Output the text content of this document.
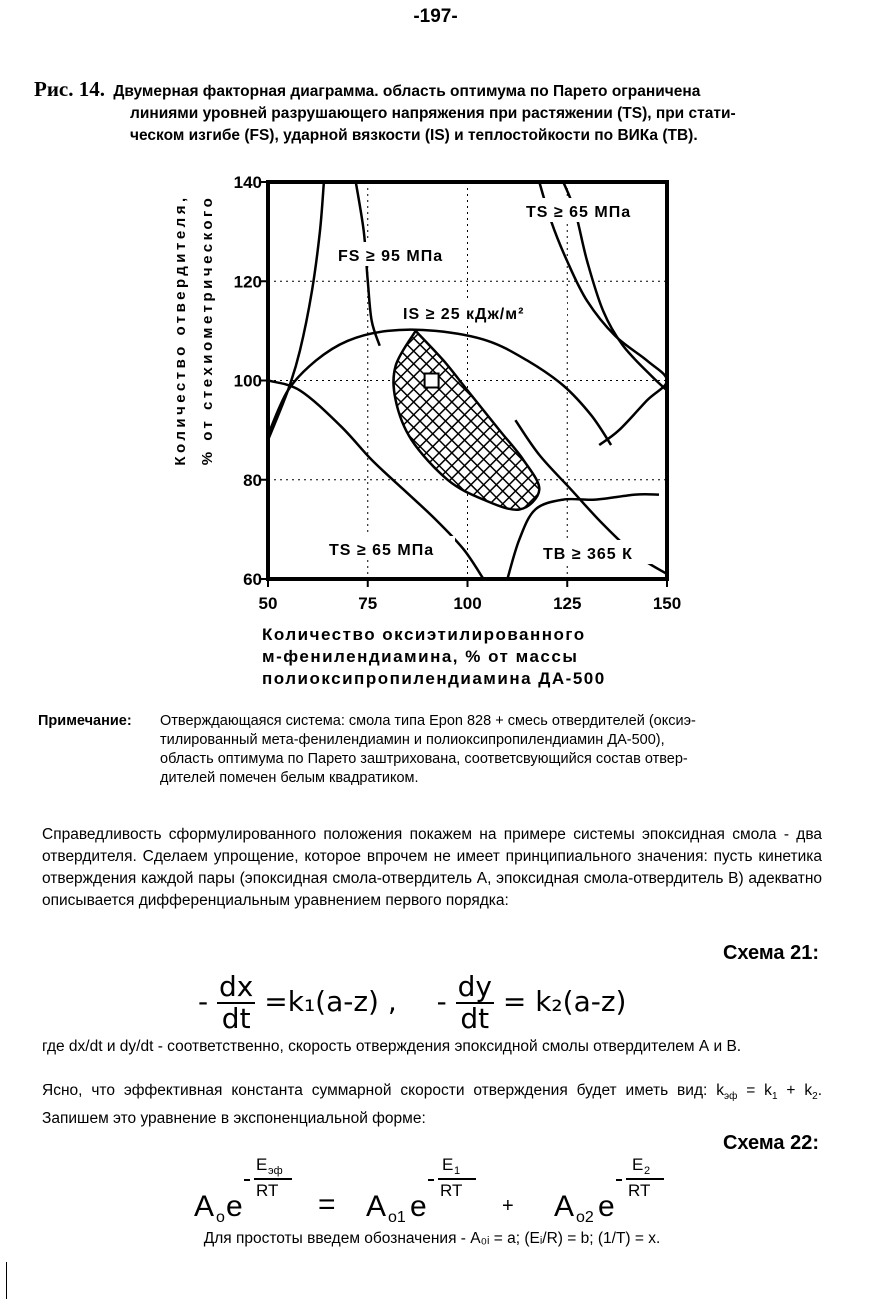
-197-
Рис. 14. Двумерная факторная диаграмма. область оптимума по Парето ограничена
линиями уровней разрушающего напряжения при растяжении (TS), при стати-
ческом изгибе (FS), ударной вязкости (IS) и теплостойкости по ВИКа (ТВ).
Количество отвердителя, % от стехиометрического
50	75	100	125	150
60
80
100
120
140
TS ≥ 65 МПа
FS ≥ 95 МПа
IS ≥ 25 кДж/м²
TS ≥ 65 МПа	TB ≥ 365 К
Количество оксиэтилированного
м-фенилендиамина, % от массы
полиоксипропилендиамина ДА-500
Примечание:	Отверждающаяся система: смола типа Epon 828 + смесь отвердителей (оксиэ-
тилированный мета-фенилендиамин и полиоксипропилендиамин ДА-500),
область оптимума по Парето заштрихована, соответсвующийся состав отвер-
дителей помечен белым квадратиком.
Справедливость сформулированного положения покажем на примере системы эпоксидная смола - два отвердителя. Сделаем упрощение, которое впрочем не имеет принципиального значения: пусть кинетика отверждения каждой пары (эпоксидная смола-отвердитель А, эпоксидная смола-отвердитель В) адекватно описывается дифференциальным уравнением первого порядка:
Схема 21:
- $\frac{dx}{dt} =k_1(a-z)$ , - $\frac{dy}{dt} = k_2(a-z)$
где dx/dt и dy/dt - соответственно, скорость отверждения эпоксидной смолы отвердителем А и В.
Ясно, что эффективная константа суммарной скорости отверждения будет иметь вид: $k_{эф} = k_1 + k_2$. Запишем это уравнение в экспоненциальной форме:
Схема 22:
A o e
E эф
RT = A o1 e
E 1
RT
+ A o2 e
E 2
RT
Для простоты введем обозначения - A₀ᵢ = a; (Eᵢ/R) = b; (1/T) = x.
